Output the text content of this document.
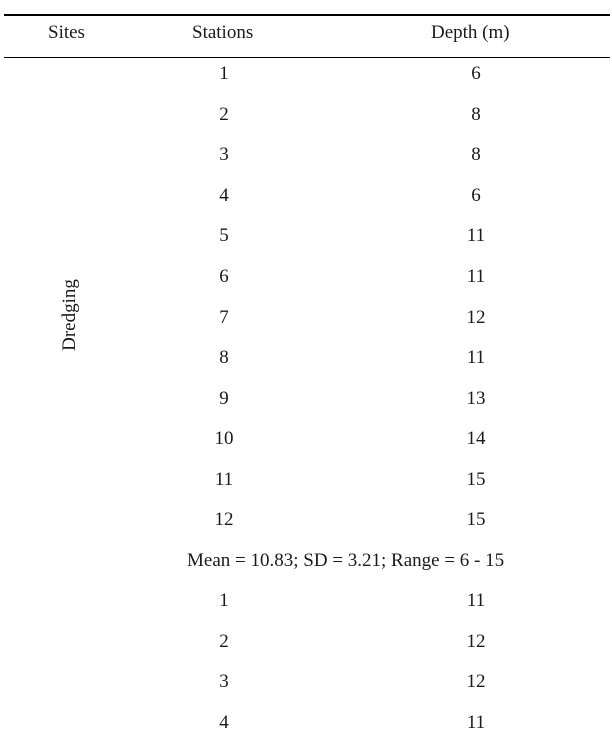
Sites	Stations	Depth (m)
Dredging
1	6
2	8
3	8
4	6
5	11
6	11
7	12
8	11
9	13
10	14
11	15
12	15
Mean = 10.83; SD = 3.21; Range = 6 - 15
1	11
2	12
3	12
4	11
